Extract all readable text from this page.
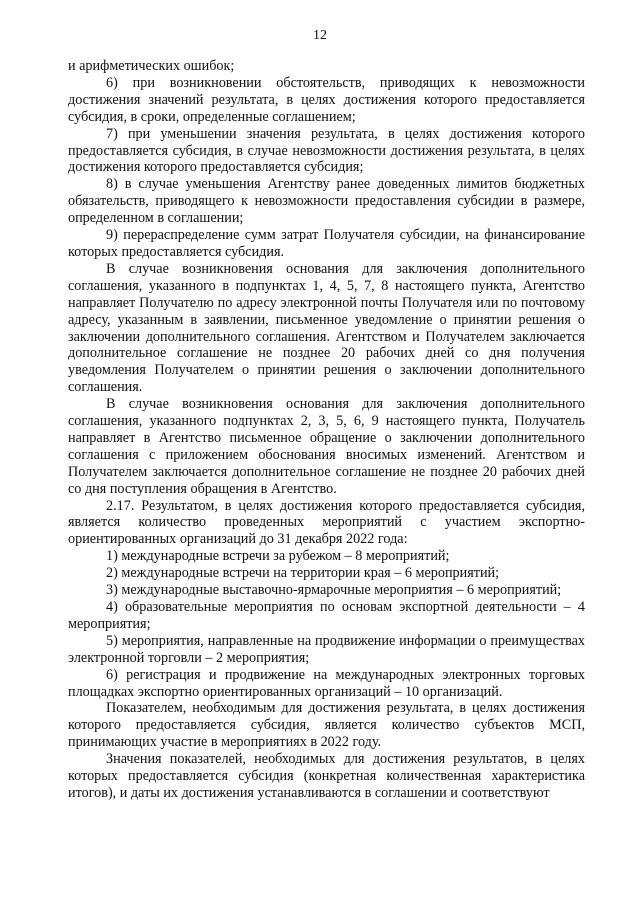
12

и арифметических ошибок;

6) при возникновении обстоятельств, приводящих к невозможности достижения значений результата, в целях достижения которого предоставляется субсидия, в сроки, определенные соглашением;

7) при уменьшении значения результата, в целях достижения которого предоставляется субсидия, в случае невозможности достижения результата, в целях достижения которого предоставляется субсидия;

8) в случае уменьшения Агентству ранее доведенных лимитов бюджетных обязательств, приводящего к невозможности предоставления субсидии в размере, определенном в соглашении;

9) перераспределение сумм затрат Получателя субсидии, на финансирование которых предоставляется субсидия.

В случае возникновения основания для заключения дополнительного соглашения, указанного в подпунктах 1, 4, 5, 7, 8 настоящего пункта, Агентство направляет Получателю по адресу электронной почты Получателя или по почтовому адресу, указанным в заявлении, письменное уведомление о принятии решения о заключении дополнительного соглашения. Агентством и Получателем заключается дополнительное соглашение не позднее 20 рабочих дней со дня получения уведомления Получателем о принятии решения о заключении дополнительного соглашения.

В случае возникновения основания для заключения дополнительного соглашения, указанного подпунктах 2, 3, 5, 6, 9 настоящего пункта, Получатель направляет в Агентство письменное обращение о заключении дополнительного соглашения с приложением обоснования вносимых изменений. Агентством и Получателем заключается дополнительное соглашение не позднее 20 рабочих дней со дня поступления обращения в Агентство.

2.17. Результатом, в целях достижения которого предоставляется субсидия, является количество проведенных мероприятий с участием экспортно-ориентированных организаций до 31 декабря 2022 года:

1) международные встречи за рубежом – 8 мероприятий;

2) международные встречи на территории края – 6 мероприятий;

3) международные выставочно-ярмарочные мероприятия – 6 мероприятий;

4) образовательные мероприятия по основам экспортной деятельности – 4 мероприятия;

5) мероприятия, направленные на продвижение информации о преимуществах электронной торговли – 2 мероприятия;

6) регистрация и продвижение на международных электронных торговых площадках экспортно ориентированных организаций – 10 организаций.

Показателем, необходимым для достижения результата, в целях достижения которого предоставляется субсидия, является количество субъектов МСП, принимающих участие в мероприятиях в 2022 году.

Значения показателей, необходимых для достижения результатов, в целях которых предоставляется субсидия (конкретная количественная характеристика итогов), и даты их достижения устанавливаются в соглашении и соответствуют
